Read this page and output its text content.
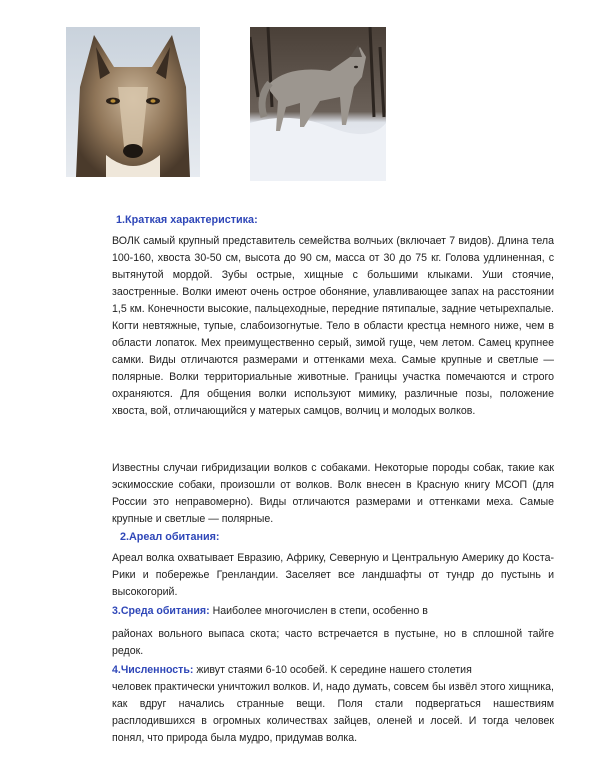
1.Краткая характеристика:

ВОЛК самый крупный представитель семейства волчьих (включает 7 видов). Длина тела 100-160, хвоста 30-50 см, высота до 90 см, масса от 30 до 75 кг. Голова удлиненная, с вытянутой мордой. Зубы острые, хищные с большими клыками. Уши стоячие, заостренные. Волки имеют очень острое обоняние, улавливающее запах на расстоянии 1,5 км. Конечности высокие, пальцеходные, передние пятипалые, задние четырехпалые. Когти невтяжные, тупые, слабоизогнутые. Тело в области крестца немного ниже, чем в области лопаток. Мех преимущественно серый, зимой гуще, чем летом. Самец крупнее самки. Виды отличаются размерами и оттенками меха. Самые крупные и светлые — полярные. Волки территориальные животные. Границы участка помечаются и строго охраняются. Для общения волки используют мимику, различные позы, положение хвоста, вой, отличающийся у матерых самцов, волчиц и молодых волков.

Известны случаи гибридизации волков с собаками. Некоторые породы собак, такие как эскимосские собаки, произошли от волков. Волк внесен в Красную книгу МСОП (для России это неправомерно). Виды отличаются размерами и оттенками меха. Самые крупные и светлые — полярные.

2.Ареал обитания:

Ареал волка охватывает Евразию, Африку, Северную и Центральную Америку до Коста-Рики и побережье Гренландии. Заселяет все ландшафты от тундр до пустынь и высокогорий.

3.Среда обитания: Наиболее многочислен в степи, особенно в

районах вольного выпаса скота; часто встречается в пустыне, но в сплошной тайге редок.

4.Численность: живут стаями 6-10 особей. К середине нашего столетия

человек практически уничтожил волков. И, надо думать, совсем бы извёл этого хищника, как вдруг начались странные вещи. Поля стали подвергаться нашествиям расплодившихся в огромных количествах зайцев, оленей и лосей. И тогда человек понял, что природа была мудро, придумав волка.
